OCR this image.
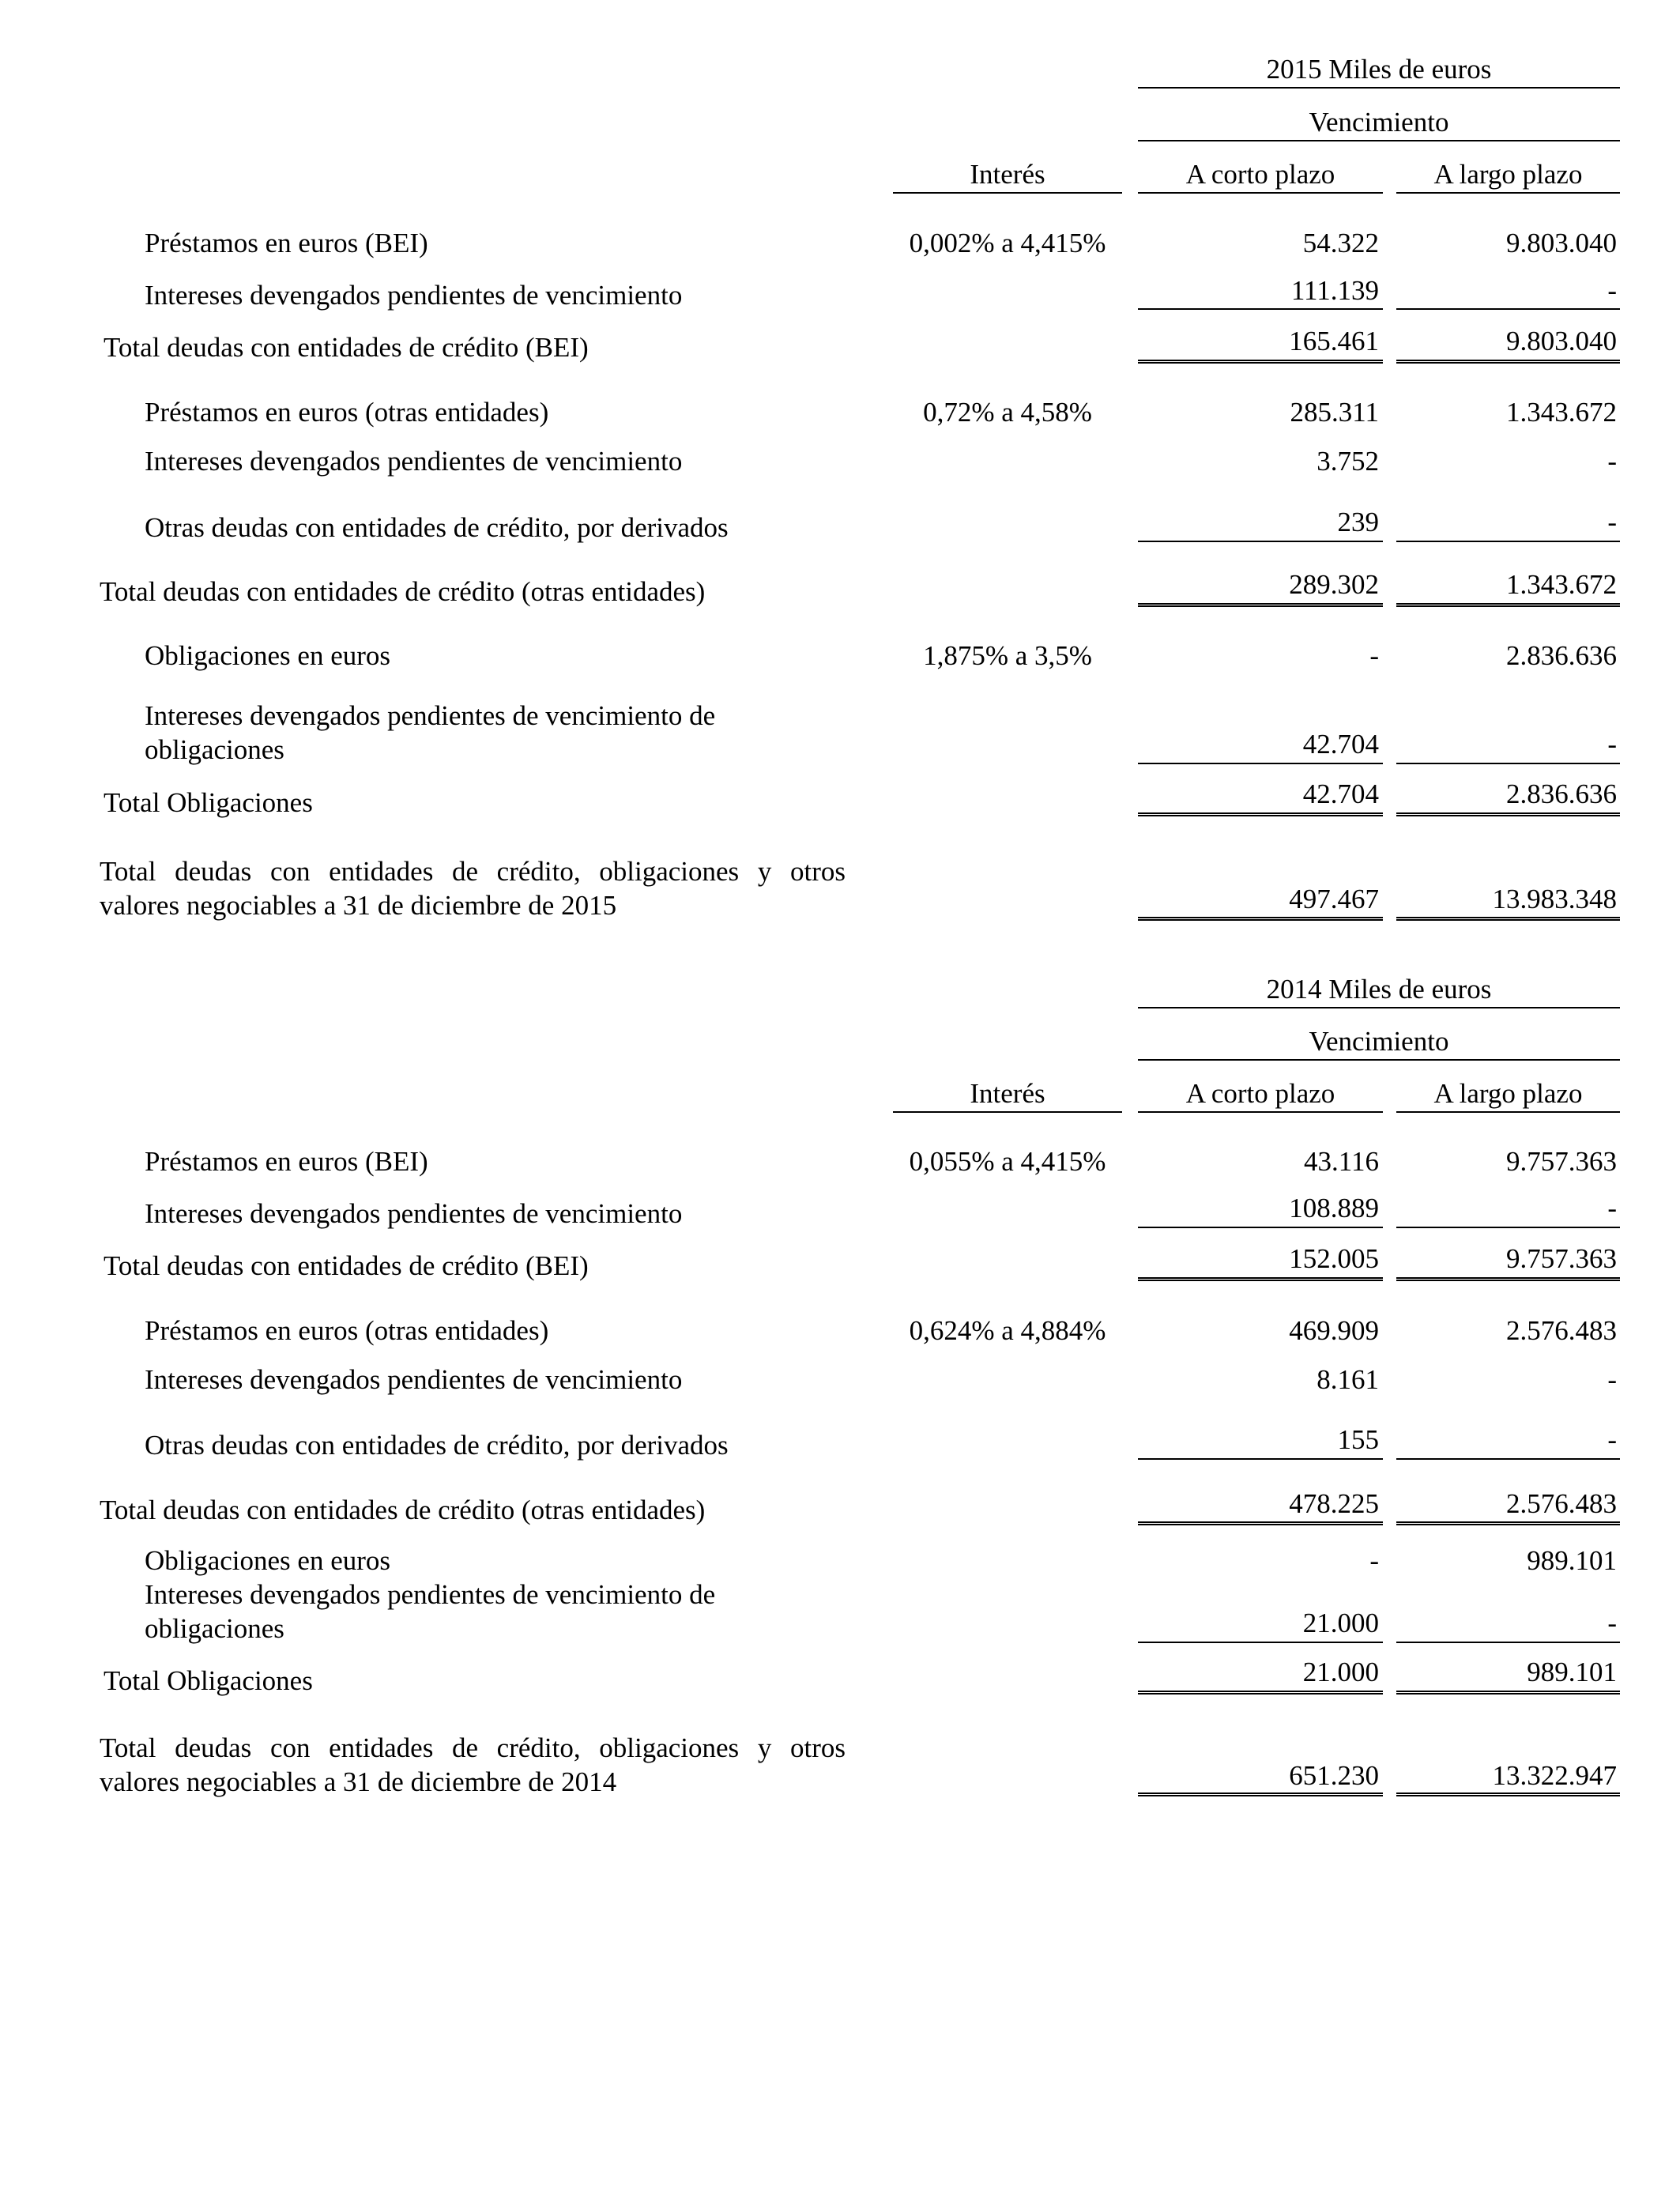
2015 Miles de euros
Vencimiento
Interés	A corto plazo	A largo plazo
Préstamos en euros (BEI)	0,002% a 4,415%	54.322	9.803.040
Intereses devengados pendientes de vencimiento	111.139	-
Total deudas con entidades de crédito (BEI)	165.461	9.803.040
Préstamos en euros (otras entidades)	0,72% a 4,58%	285.311	1.343.672
Intereses devengados pendientes de vencimiento	3.752	-
Otras deudas con entidades de crédito, por derivados	239	-
Total deudas con entidades de crédito (otras entidades)	289.302	1.343.672
Obligaciones en euros	1,875% a 3,5%	-	2.836.636
Intereses devengados pendientes de vencimiento de
obligaciones	42.704	-
Total Obligaciones	42.704	2.836.636
Total deudas con entidades de crédito, obligaciones y otros
valores negociables a 31 de diciembre de 2015	497.467	13.983.348
2014 Miles de euros
Vencimiento
Interés	A corto plazo	A largo plazo
Préstamos en euros (BEI)	0,055% a 4,415%	43.116	9.757.363
Intereses devengados pendientes de vencimiento	108.889	-
Total deudas con entidades de crédito (BEI)	152.005	9.757.363
Préstamos en euros (otras entidades)	0,624% a 4,884%	469.909	2.576.483
Intereses devengados pendientes de vencimiento	8.161	-
Otras deudas con entidades de crédito, por derivados	155	-
Total deudas con entidades de crédito (otras entidades)	478.225	2.576.483
Obligaciones en euros	-	989.101
Intereses devengados pendientes de vencimiento de
obligaciones	21.000	-
Total Obligaciones	21.000	989.101
Total deudas con entidades de crédito, obligaciones y otros
valores negociables a 31 de diciembre de 2014	651.230	13.322.947
